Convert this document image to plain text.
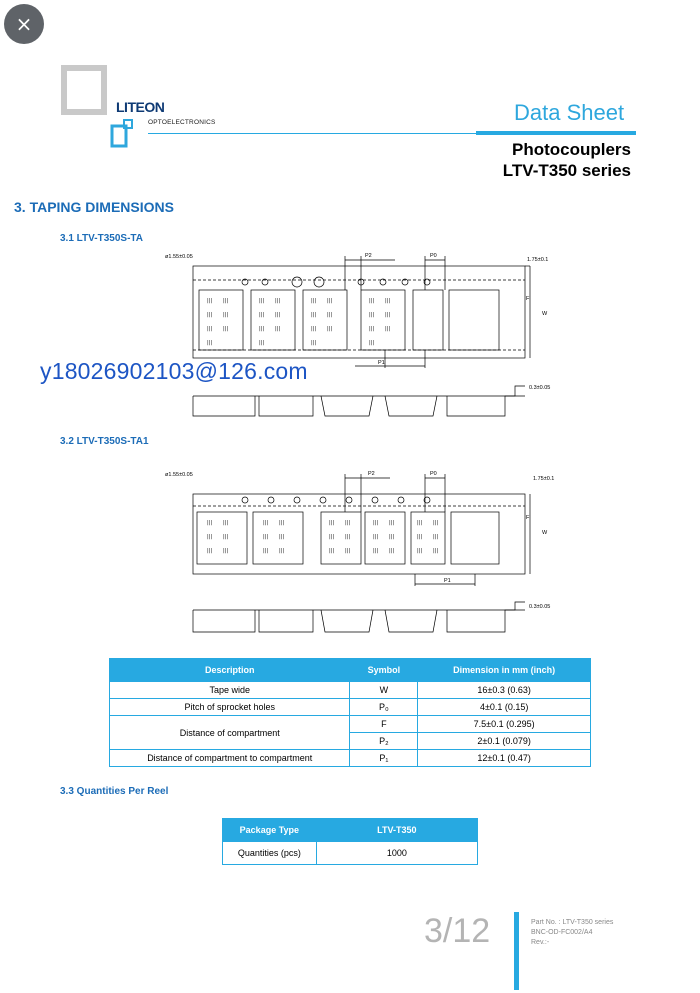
×
LITEON
OPTOELECTRONICS	Data Sheet
Photocouplers
LTV-T350 series
3. TAPING DIMENSIONS
3.1 LTV-T350S-TA
3.2 LTV-T350S-TA1
3.3 Quantities Per Reel
||| |||
||| |||
||| |||
|||
||| |||
||| |||
||| |||
|||
||| |||
||| |||
||| |||
|||
||| |||
||| |||
||| |||
|||
ø1.55±0.05	P2	P0
1.75±0.1
F
W
P1
0.3±0.05
y18026902103@126.com
||| |||
||| |||
||| |||
||| |||
||| |||
||| |||
||| |||
||| |||
||| |||
||| |||
||| |||
||| |||
||| |||
||| |||
||| |||
ø1.55±0.05	P2	P0
1.75±0.1
F
W
P1
0.3±0.05
Description	Symbol	Dimension in mm (inch)
Tape wide	W	16±0.3 (0.63)
Pitch of sprocket holes	P₀	4±0.1 (0.15)
Distance of compartment	F	7.5±0.1 (0.295)
	P₂	2±0.1 (0.079)
Distance of compartment to compartment	P₁	12±0.1 (0.47)
Package Type	LTV-T350
Quantities (pcs)	1000
3/12	Part No. : LTV-T350 series
BNC-OD-FC002/A4
Rev.:-
